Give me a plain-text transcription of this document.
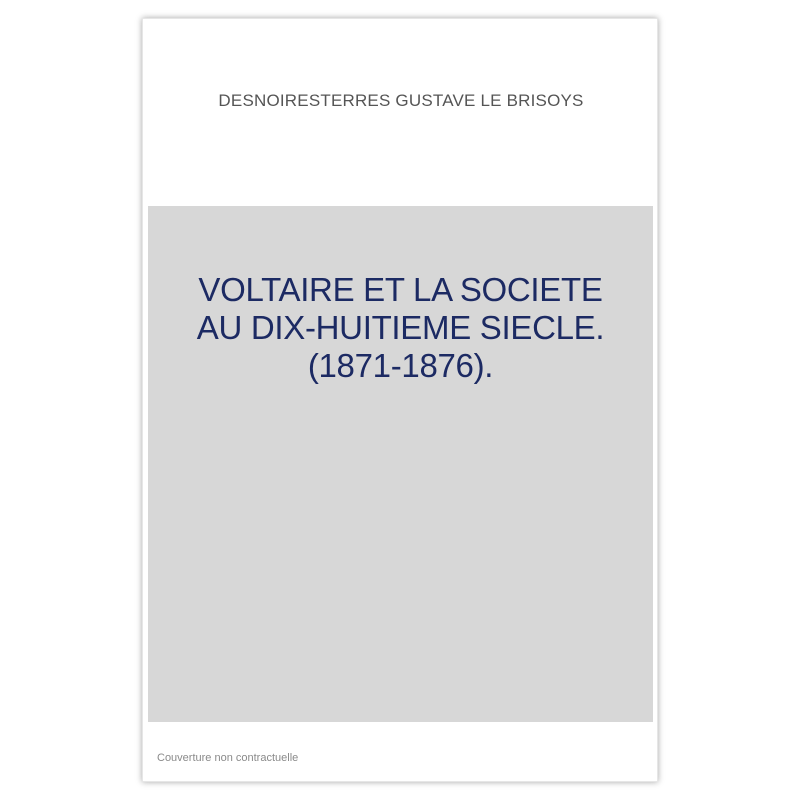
DESNOIRESTERRES GUSTAVE LE BRISOYS
VOLTAIRE ET LA SOCIETE
AU DIX-HUITIEME SIECLE.
(1871-1876).
Couverture non contractuelle
